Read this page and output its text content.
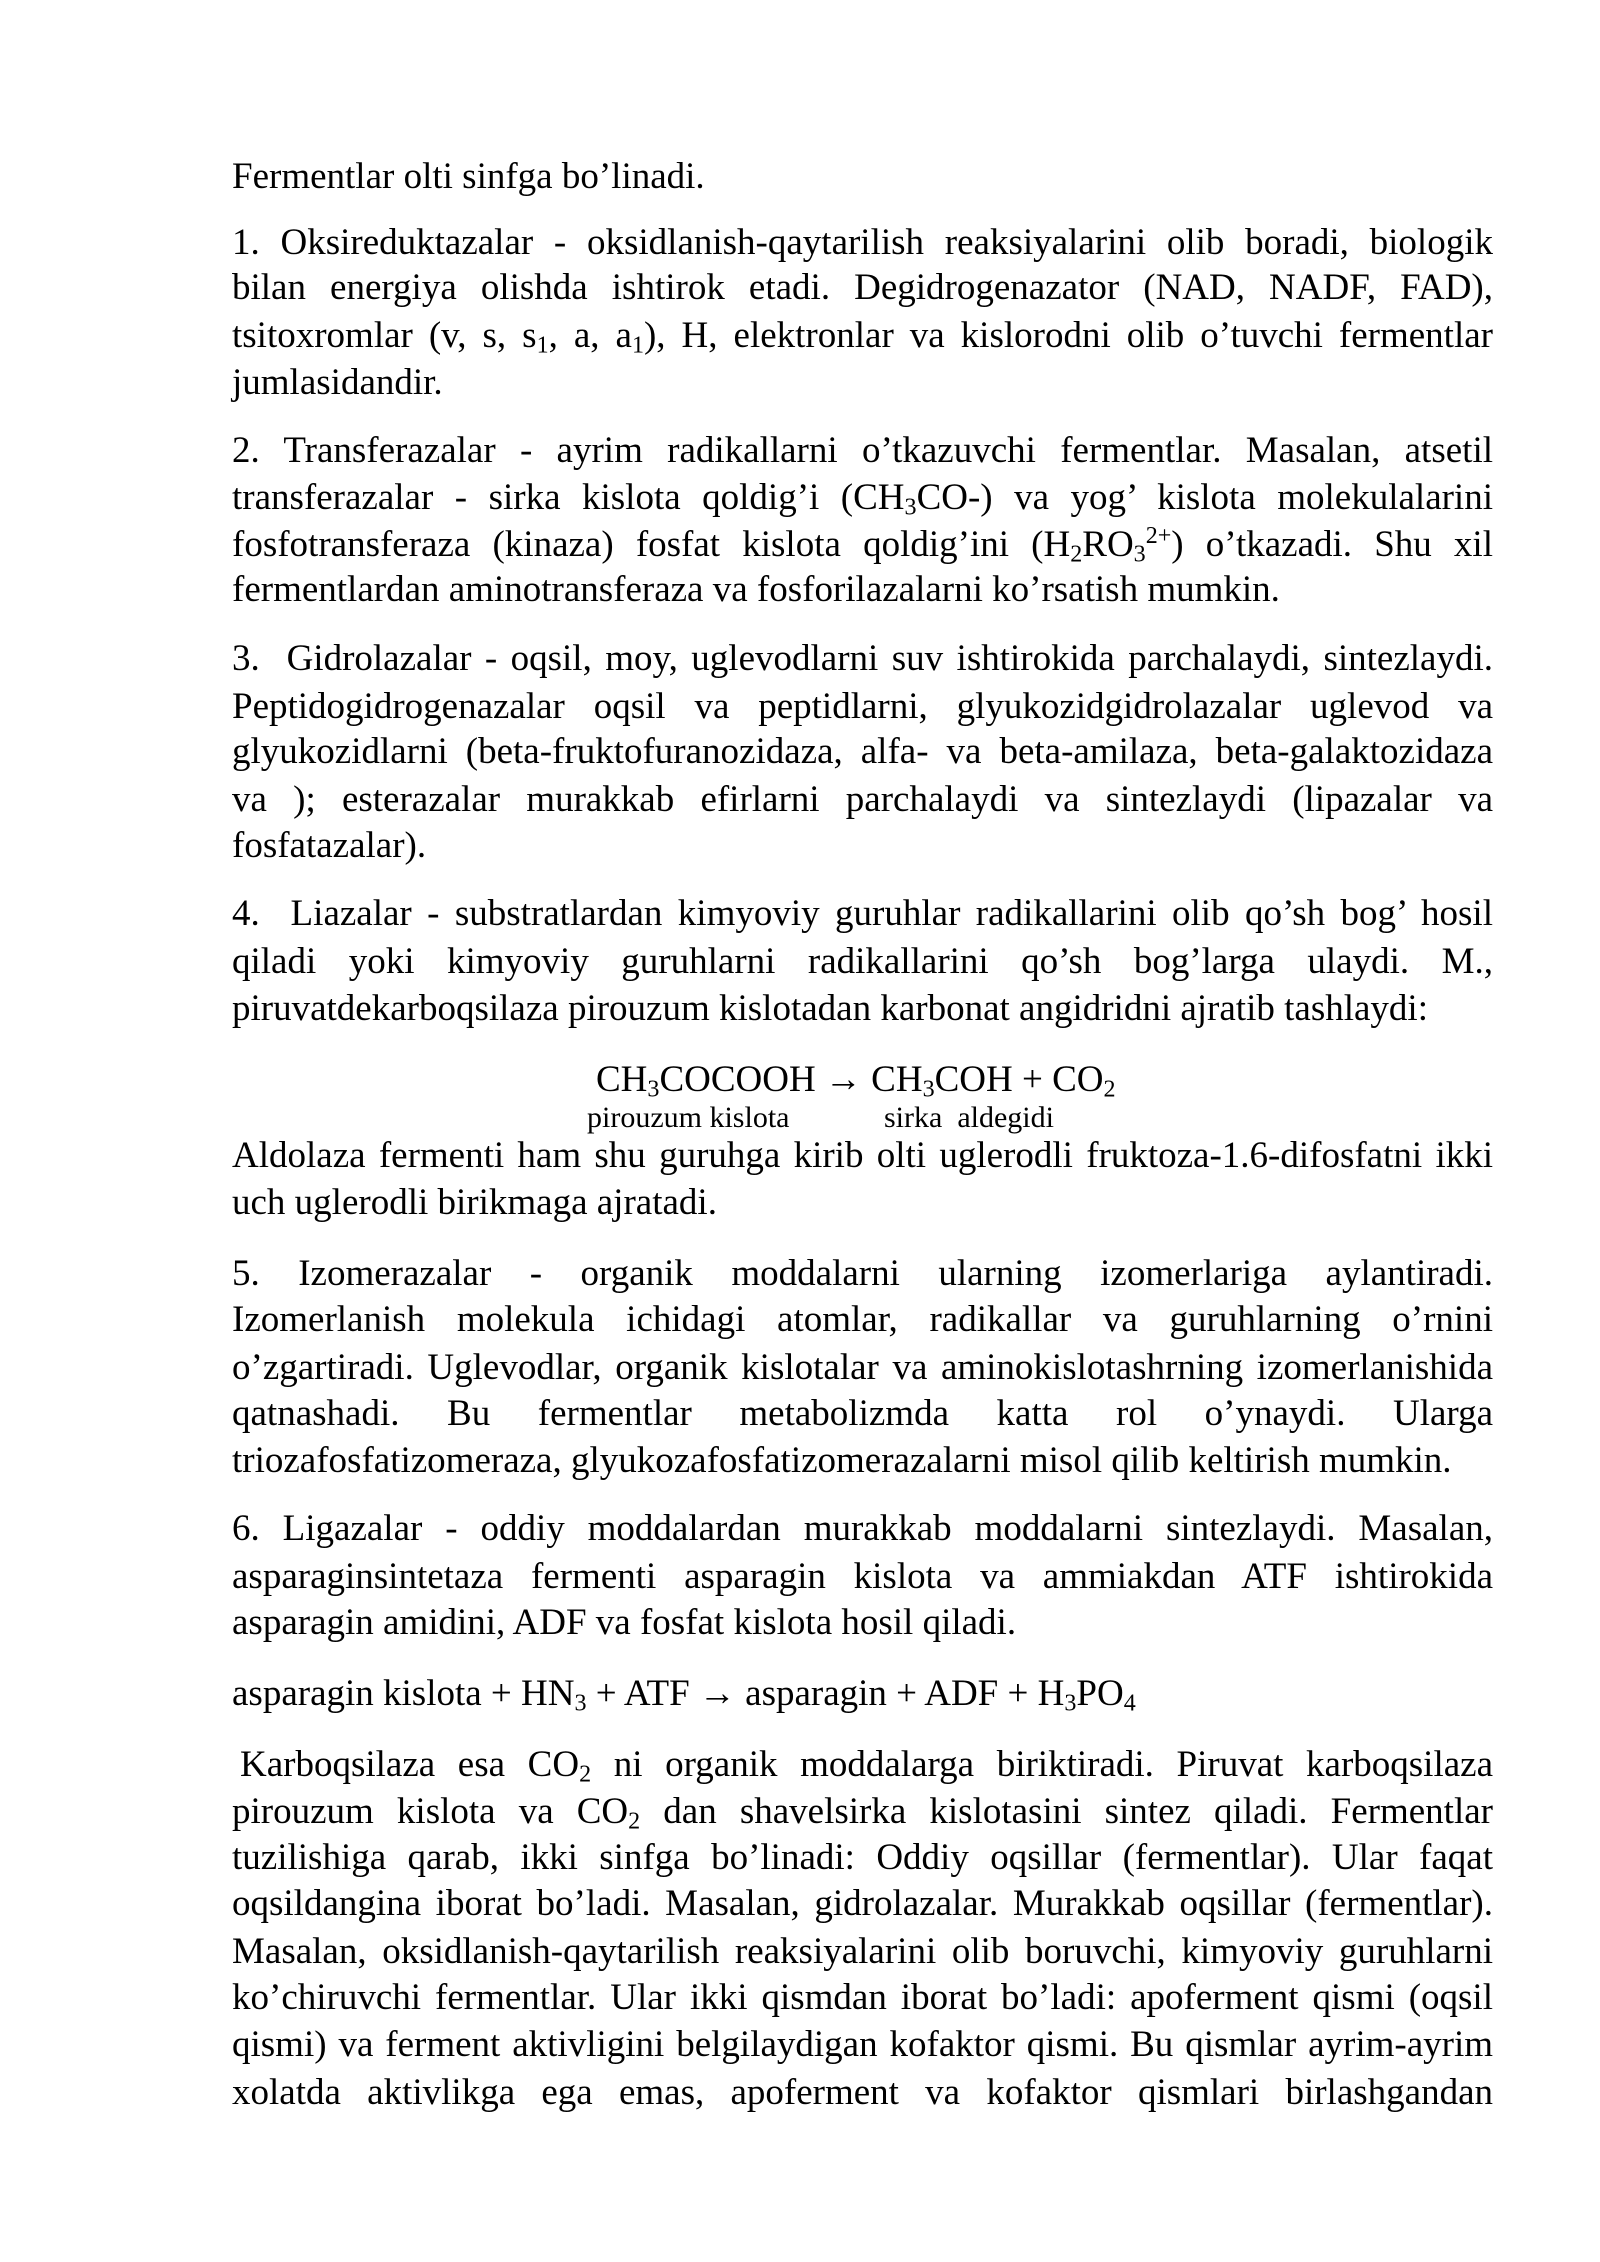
Fermentlar olti sinfga bo’linadi.
1. Oksireduktazalar - oksidlanish-qaytarilish reaksiyalarini olib boradi, biologik
bilan energiya olishda ishtirok etadi. Degidrogenazator (NAD, NADF, FAD),
tsitoxromlar (v, s, $s_1$, a, $a_1$), H, elektronlar va kislorodni olib o’tuvchi fermentlar
jumlasidandir.
2. Transferazalar - ayrim radikallarni o’tkazuvchi fermentlar. Masalan, atsetil
transferazalar - sirka kislota qoldig’i $(CH_3CO-)$ va yog’ kislota molekulalarini
fosfotransferaza (kinaza) fosfat kislota qoldig’ini $(H_2RO_3^{2+})$ o’tkazadi. Shu xil
fermentlardan aminotransferaza va fosforilazalarni ko’rsatish mumkin.
3.  Gidrolazalar - oqsil, moy, uglevodlarni suv ishtirokida parchalaydi, sintezlaydi.
Peptidogidrogenazalar oqsil va peptidlarni, glyukozidgidrolazalar uglevod va
glyukozidlarni (beta-fruktofuranozidaza, alfa- va beta-amilaza, beta-galaktozidaza
va ); esterazalar murakkab efirlarni parchalaydi va sintezlaydi (lipazalar va
fosfatazalar).
4.  Liazalar - substratlardan kimyoviy guruhlar radikallarini olib qo’sh bog’ hosil
qiladi yoki kimyoviy guruhlarni radikallarini qo’sh bog’larga ulaydi. M.,
piruvatdekarboqsilaza pirouzum kislotadan karbonat angidridni ajratib tashlaydi:
$CH_3COCOOH \to CH_3COH + CO_2$
pirouzum kislota	sirka  aldegidi
Aldolaza fermenti ham shu guruhga kirib olti uglerodli fruktoza-1.6-difosfatni ikki
uch uglerodli birikmaga ajratadi.
5. Izomerazalar - organik moddalarni ularning izomerlariga aylantiradi.
Izomerlanish molekula ichidagi atomlar, radikallar va guruhlarning o’rnini
o’zgartiradi. Uglevodlar, organik kislotalar va aminokislotashrning izomerlanishida
qatnashadi. Bu fermentlar metabolizmda katta rol o’ynaydi. Ularga
triozafosfatizomeraza, glyukozafosfatizomerazalarni misol qilib keltirish mumkin.
6. Ligazalar - oddiy moddalardan murakkab moddalarni sintezlaydi. Masalan,
asparaginsintetaza fermenti asparagin kislota va ammiakdan ATF ishtirokida
asparagin amidini, ADF va fosfat kislota hosil qiladi.
asparagin kislota + $HN_3$ + ATF → asparagin + ADF + $H_3PO_4$
Karboqsilaza esa $CO_2$ ni organik moddalarga biriktiradi. Piruvat karboqsilaza
pirouzum kislota va $CO_2$ dan shavelsirka kislotasini sintez qiladi. Fermentlar
tuzilishiga qarab, ikki sinfga bo’linadi: Oddiy oqsillar (fermentlar). Ular faqat
oqsildangina iborat bo’ladi. Masalan, gidrolazalar. Murakkab oqsillar (fermentlar).
Masalan, oksidlanish-qaytarilish reaksiyalarini olib boruvchi, kimyoviy guruhlarni
ko’chiruvchi fermentlar. Ular ikki qismdan iborat bo’ladi: apoferment qismi (oqsil
qismi) va ferment aktivligini belgilaydigan kofaktor qismi. Bu qismlar ayrim-ayrim
xolatda aktivlikga ega emas, apoferment va kofaktor qismlari birlashgandan
